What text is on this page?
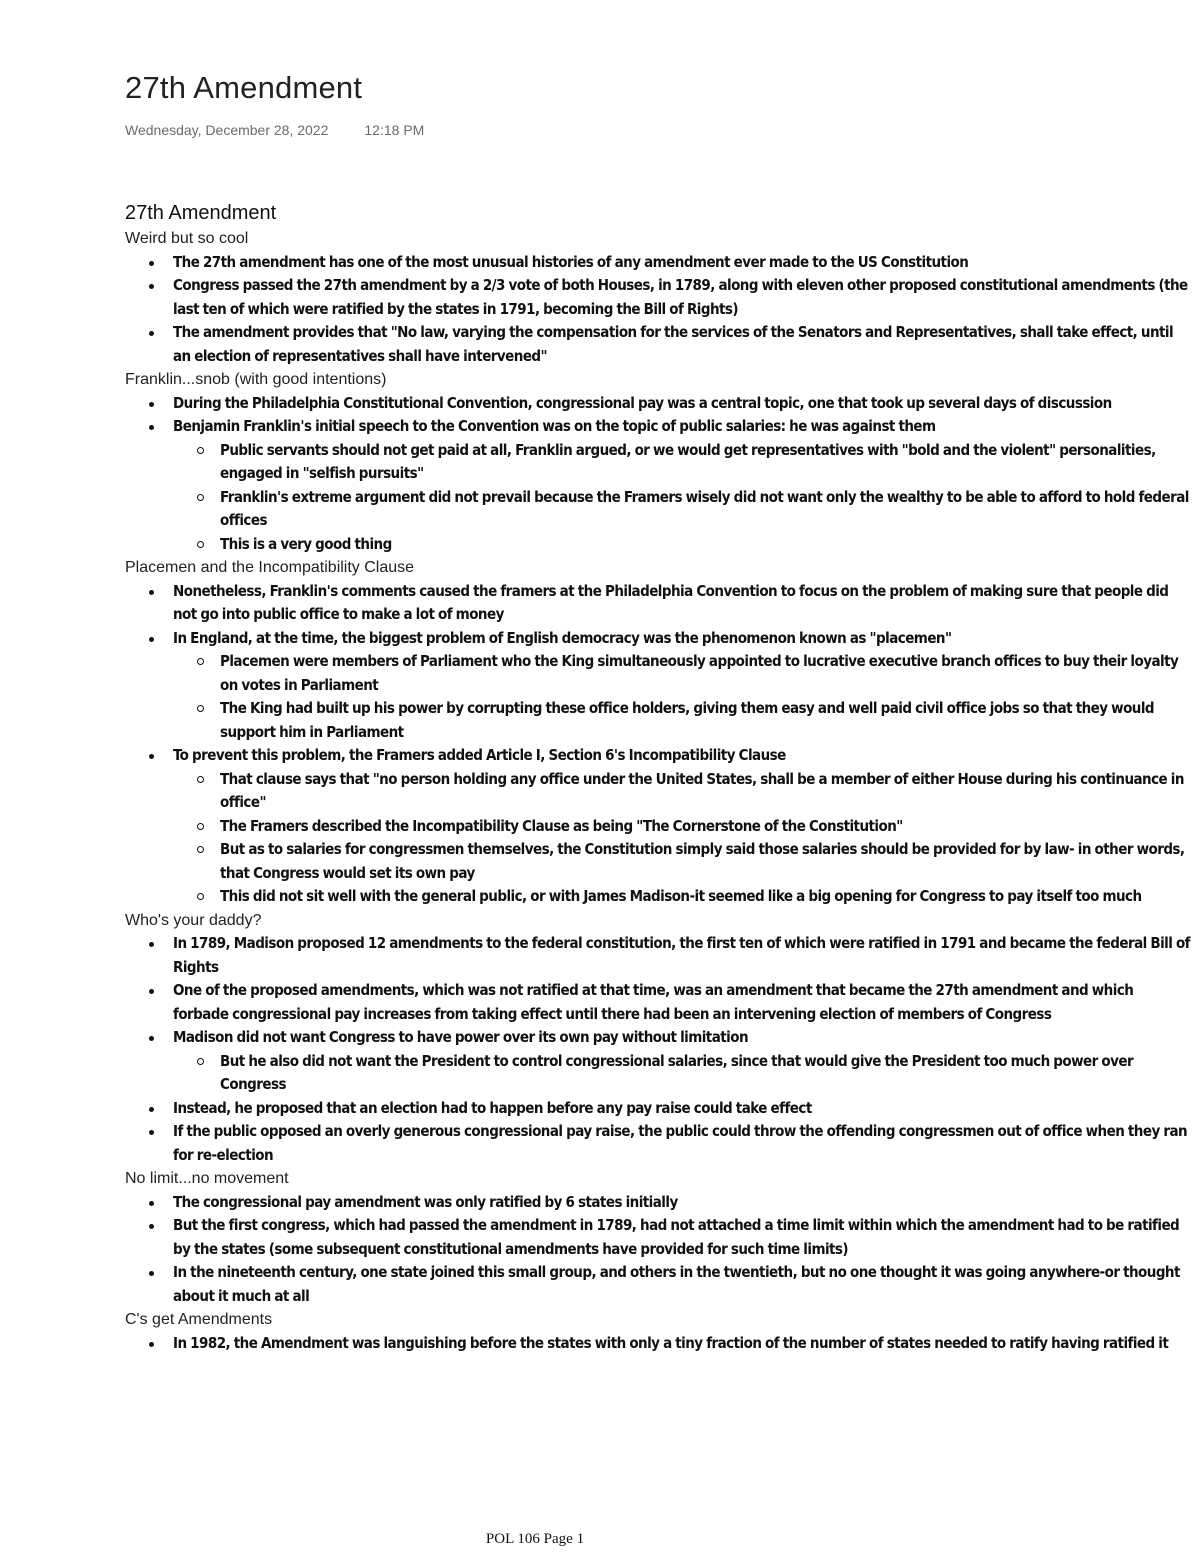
27th Amendment
Wednesday, December 28, 2022	12:18 PM
27th Amendment
Weird but so cool
The 27th amendment has one of the most unusual histories of any amendment ever made to the US Constitution
Congress passed the 27th amendment by a 2/3 vote of both Houses, in 1789, along with eleven other proposed constitutional amendments (the last ten of which were ratified by the states in 1791, becoming the Bill of Rights)
The amendment provides that "No law, varying the compensation for the services of the Senators and Representatives, shall take effect, until an election of representatives shall have intervened"
Franklin...snob (with good intentions)
During the Philadelphia Constitutional Convention, congressional pay was a central topic, one that took up several days of discussion
Benjamin Franklin's initial speech to the Convention was on the topic of public salaries: he was against them
Public servants should not get paid at all, Franklin argued, or we would get representatives with "bold and the violent" personalities, engaged in "selfish pursuits"
Franklin's extreme argument did not prevail because the Framers wisely did not want only the wealthy to be able to afford to hold federal offices
This is a very good thing
Placemen and the Incompatibility Clause
Nonetheless, Franklin's comments caused the framers at the Philadelphia Convention to focus on the problem of making sure that people did not go into public office to make a lot of money
In England, at the time, the biggest problem of English democracy was the phenomenon known as "placemen"
Placemen were members of Parliament who the King simultaneously appointed to lucrative executive branch offices to buy their loyalty on votes in Parliament
The King had built up his power by corrupting these office holders, giving them easy and well paid civil office jobs so that they would support him in Parliament
To prevent this problem, the Framers added Article I, Section 6's Incompatibility Clause
That clause says that "no person holding any office under the United States, shall be a member of either House during his continuance in office"
The Framers described the Incompatibility Clause as being "The Cornerstone of the Constitution"
But as to salaries for congressmen themselves, the Constitution simply said those salaries should be provided for by law- in other words, that Congress would set its own pay
This did not sit well with the general public, or with James Madison-it seemed like a big opening for Congress to pay itself too much
Who's your daddy?
In 1789, Madison proposed 12 amendments to the federal constitution, the first ten of which were ratified in 1791 and became the federal Bill of Rights
One of the proposed amendments, which was not ratified at that time, was an amendment that became the 27th amendment and which forbade congressional pay increases from taking effect until there had been an intervening election of members of Congress
Madison did not want Congress to have power over its own pay without limitation
But he also did not want the President to control congressional salaries, since that would give the President too much power over Congress
Instead, he proposed that an election had to happen before any pay raise could take effect
If the public opposed an overly generous congressional pay raise, the public could throw the offending congressmen out of office when they ran for re-election
No limit...no movement
The congressional pay amendment was only ratified by 6 states initially
But the first congress, which had passed the amendment in 1789, had not attached a time limit within which the amendment had to be ratified by the states (some subsequent constitutional amendments have provided for such time limits)
In the nineteenth century, one state joined this small group, and others in the twentieth, but no one thought it was going anywhere-or thought about it much at all
C's get Amendments
In 1982, the Amendment was languishing before the states with only a tiny fraction of the number of states needed to ratify having ratified it
POL 106 Page 1
